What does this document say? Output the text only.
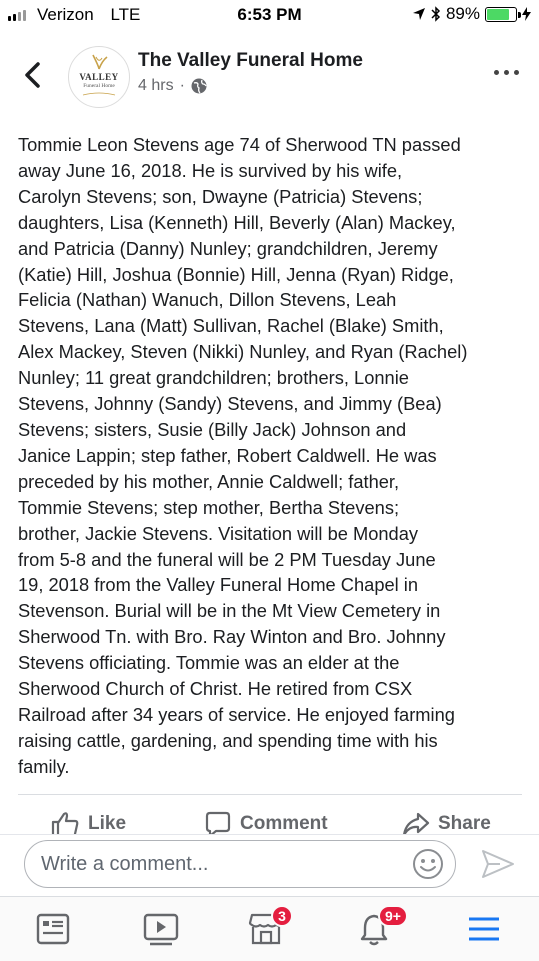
Verizon LTE	6:53 PM	89%
VALLEY
Funeral Home
The Valley Funeral Home
4 hrs ·
Tommie Leon Stevens age 74 of Sherwood TN passed
away June 16, 2018. He is survived by his wife,
Carolyn Stevens; son, Dwayne (Patricia) Stevens;
daughters, Lisa (Kenneth) Hill, Beverly (Alan) Mackey,
and Patricia (Danny) Nunley; grandchildren, Jeremy
(Katie) Hill, Joshua (Bonnie) Hill, Jenna (Ryan) Ridge,
Felicia (Nathan) Wanuch, Dillon Stevens, Leah
Stevens, Lana (Matt) Sullivan, Rachel (Blake) Smith,
Alex Mackey, Steven (Nikki) Nunley, and Ryan (Rachel)
Nunley; 11 great grandchildren; brothers, Lonnie
Stevens, Johnny (Sandy) Stevens, and Jimmy (Bea)
Stevens; sisters, Susie (Billy Jack) Johnson and
Janice Lappin; step father, Robert Caldwell. He was
preceded by his mother, Annie Caldwell; father,
Tommie Stevens; step mother, Bertha Stevens;
brother, Jackie Stevens. Visitation will be Monday
from 5-8 and the funeral will be 2 PM Tuesday June
19, 2018 from the Valley Funeral Home Chapel in
Stevenson. Burial will be in the Mt View Cemetery in
Sherwood Tn. with Bro. Ray Winton and Bro. Johnny
Stevens officiating. Tommie was an elder at the
Sherwood Church of Christ. He retired from CSX
Railroad after 34 years of service. He enjoyed farming
raising cattle, gardening, and spending time with his
family.
Like	Comment	Share
Write a comment...
3	9+
